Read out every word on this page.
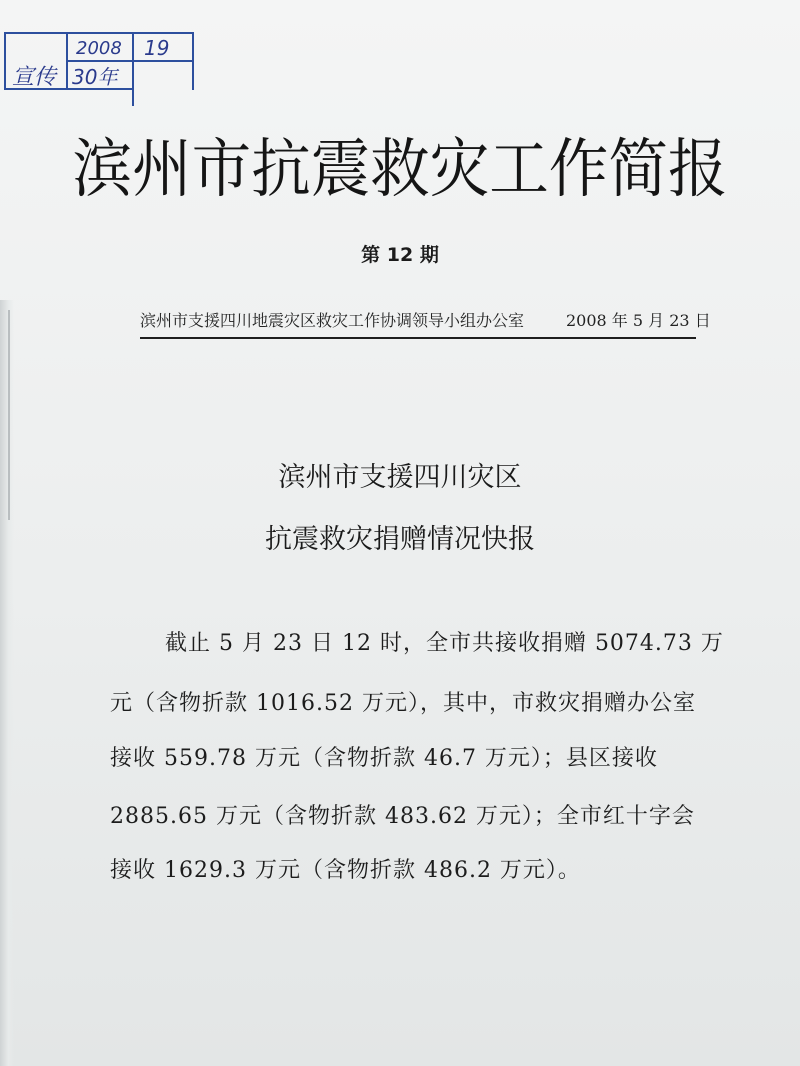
2008 19
宣传 30年
滨州市抗震救灾工作简报
第 12 期
滨州市支援四川地震灾区救灾工作协调领导小组办公室	2008 年 5 月 23 日
滨州市支援四川灾区
抗震救灾捐赠情况快报
截止 5 月 23 日 12 时，全市共接收捐赠 5074.73 万
元（含物折款 1016.52 万元），其中，市救灾捐赠办公室
接收 559.78 万元（含物折款 46.7 万元）；县区接收
2885.65 万元（含物折款 483.62 万元）；全市红十字会
接收 1629.3 万元（含物折款 486.2 万元）。
